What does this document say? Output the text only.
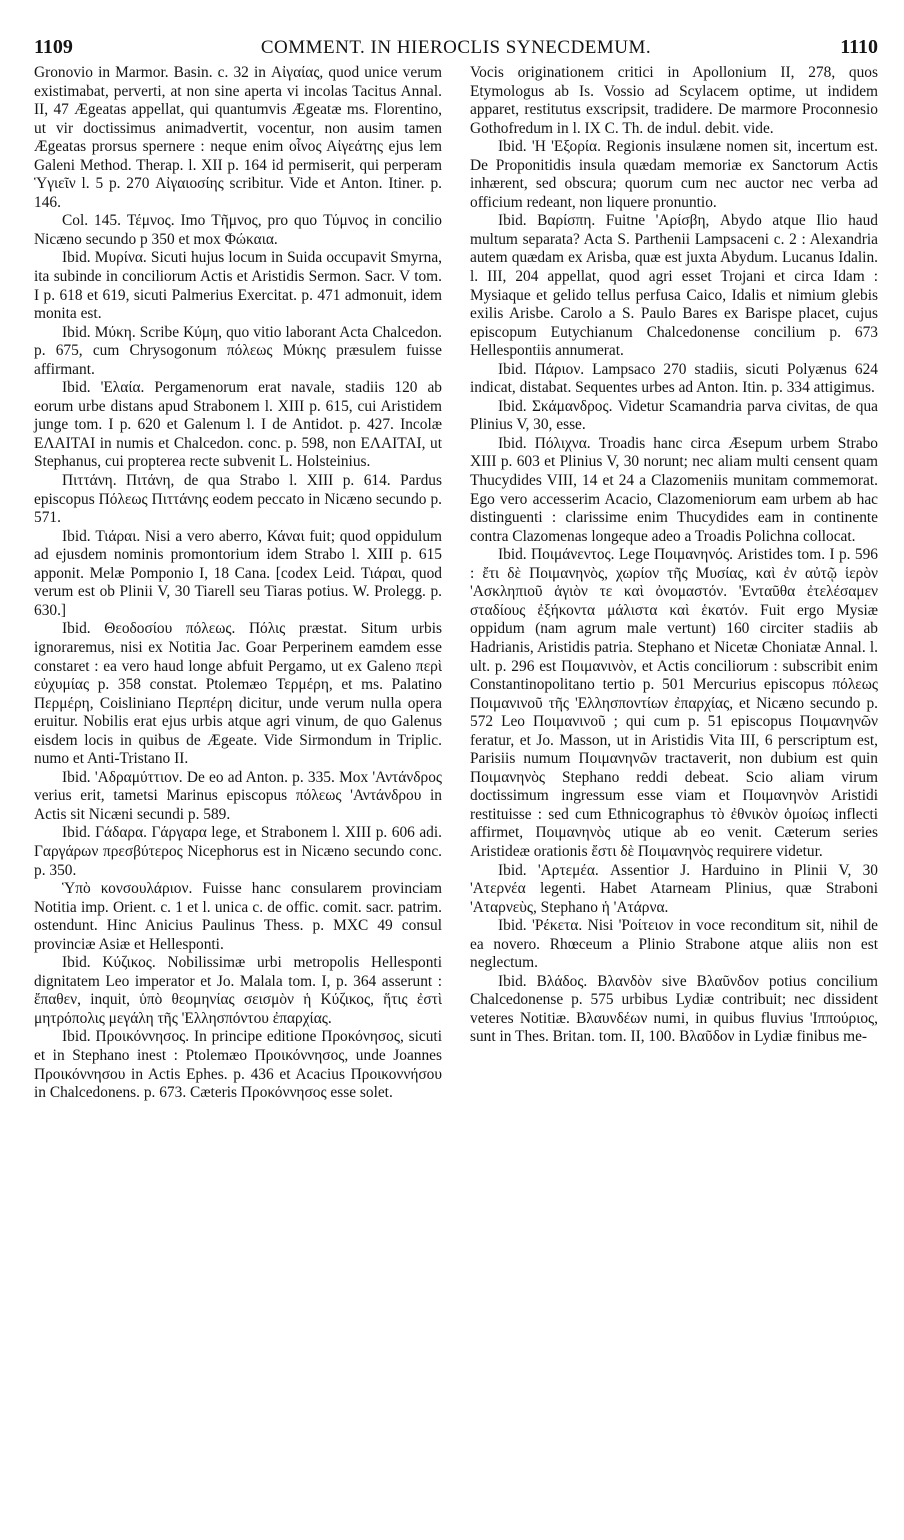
1109	COMMENT. IN HIEROCLIS SYNECDEMUM.	1110

Gronovio in Marmor. Basin. c. 32 in Αἰγαίας, quod unice verum existimabat, perverti, at non sine aperta vi incolas Tacitus Annal. II, 47 Ægeatas appellat, qui quantumvis Ægeatæ ms. Florentino, ut vir doctissimus animadvertit, vocentur, non ausim tamen Ægeatas prorsus spernere : neque enim οἶνος Αἰγεάτης ejus lem Galeni Method. Therap. l. XII p. 164 id permiserit, qui perperam Ὑγιεῖν l. 5 p. 270 Αἰγαιοσίης scribitur. Vide et Anton. Itiner. p. 146.

Col. 145. Τέμνος. Imo Τῆμνος, pro quo Τύμνος in concilio Nicæno secundo p 350 et mox Φώκαια.

Ibid. Μυρίνα. Sicuti hujus locum in Suida occupavit Smyrna, ita subinde in conciliorum Actis et Aristidis Sermon. Sacr. V tom. I p. 618 et 619, sicuti Palmerius Exercitat. p. 471 admonuit, idem monita est.

Ibid. Μύκη. Scribe Κύμη, quo vitio laborant Acta Chalcedon. p. 675, cum Chrysogonum πόλεως Μύκης præsulem fuisse affirmant.

Ibid. 'Ελαία. Pergamenorum erat navale, stadiis 120 ab eorum urbe distans apud Strabonem l. XIII p. 615, cui Aristidem junge tom. I p. 620 et Galenum l. I de Antidot. p. 427. Incolæ ΕΛΑΙΤΑΙ in numis et Chalcedon. conc. p. 598, non ΕΛΑΙΤΑΙ, ut Stephanus, cui propterea recte subvenit L. Holsteinius.

Πιττάνη. Πιτάνη, de qua Strabo l. XIII p. 614. Pardus episcopus Πόλεως Πιττάνης eodem peccato in Nicæno secundo p. 571.

Ibid. Τιάραι. Nisi a vero aberro, Κάναι fuit; quod oppidulum ad ejusdem nominis promontorium idem Strabo l. XIII p. 615 apponit. Melæ Pomponio I, 18 Cana. [codex Leid. Τιάραι, quod verum est ob Plinii V, 30 Tiarell seu Tiaras potius. W. Prolegg. p. 630.]

Ibid. Θεοδοσίου πόλεως. Πόλις præstat. Situm urbis ignoraremus, nisi ex Notitia Jac. Goar Perperinem eamdem esse constaret : ea vero haud longe abfuit Pergamo, ut ex Galeno περὶ εὐχυμίας p. 358 constat. Ptolemæo Τερμέρη, et ms. Palatino Περμέρη, Coisliniano Περπέρη dicitur, unde verum nulla opera eruitur. Nobilis erat ejus urbis atque agri vinum, de quo Galenus eisdem locis in quibus de Ægeate. Vide Sirmondum in Triplic. numo et Anti-Tristano II.

Ibid. 'Αδραμύττιον. De eo ad Anton. p. 335. Mox 'Αντάνδρος verius erit, tametsi Marinus episcopus πόλεως 'Αντάνδρου in Actis sit Nicæni secundi p. 589.

Ibid. Γάδαρα. Γάργαρα lege, et Strabonem l. XIII p. 606 adi. Γαργάρων πρεσβύτερος Nicephorus est in Nicæno secundo conc. p. 350.

Ὑπὸ κονσουλάριον. Fuisse hanc consularem provinciam Notitia imp. Orient. c. 1 et l. unica c. de offic. comit. sacr. patrim. ostendunt. Hinc Anicius Paulinus Thess. p. MXC 49 consul provinciæ Asiæ et Hellesponti.

Ibid. Κύζικος. Nobilissimæ urbi metropolis Hellesponti dignitatem Leo imperator et Jo. Malala tom. I, p. 364 asserunt : ἔπαθεν, inquit, ὑπὸ θεομηνίας σεισμὸν ἡ Κύζικος, ἥτις ἐστὶ μητρόπολις μεγάλη τῆς 'Ελλησπόντου ἐπαρχίας.

Ibid. Προικόννησος. In principe editione Προκόνησος, sicuti et in Stephano inest : Ptolemæo Προικόννησος, unde Joannes Προικόννησου in Actis Ephes. p. 436 et Acacius Προικοννήσου in Chalcedonens. p. 673. Cæteris Προκόννησος esse solet.

Vocis originationem critici in Apollonium II, 278, quos Etymologus ab Is. Vossio ad Scylacem optime, ut indidem apparet, restitutus exscripsit, tradidere. De marmore Proconnesio Gothofredum in l. IX C. Th. de indul. debit. vide.

Ibid. 'Η 'Εξορία. Regionis insulæne nomen sit, incertum est. De Proponitidis insula quædam memoriæ ex Sanctorum Actis inhærent, sed obscura; quorum cum nec auctor nec verba ad officium redeant, non liquere pronuntio.

Ibid. Βαρίσπη. Fuitne 'Αρίσβη, Abydo atque Ilio haud multum separata? Acta S. Parthenii Lampsaceni c. 2 : Alexandria autem quædam ex Arisba, quæ est juxta Abydum. Lucanus Idalin. l. III, 204 appellat, quod agri esset Trojani et circa Idam : Mysiaque et gelido tellus perfusa Caico, Idalis et nimium glebis exilis Arisbe. Carolo a S. Paulo Bares ex Barispe placet, cujus episcopum Eutychianum Chalcedonense concilium p. 673 Hellespontiis annumerat.

Ibid. Πάριον. Lampsaco 270 stadiis, sicuti Polyænus 624 indicat, distabat. Sequentes urbes ad Anton. Itin. p. 334 attigimus.

Ibid. Σκάμανδρος. Videtur Scamandria parva civitas, de qua Plinius V, 30, esse.

Ibid. Πόλιχνα. Troadis hanc circa Æsepum urbem Strabo XIII p. 603 et Plinius V, 30 norunt; nec aliam multi censent quam Thucydides VIII, 14 et 24 a Clazomeniis munitam commemorat. Ego vero accesserim Acacio, Clazomeniorum eam urbem ab hac distinguenti : clarissime enim Thucydides eam in continente contra Clazomenas longeque adeo a Troadis Polichna collocat.

Ibid. Ποιμάνεντος. Lege Ποιμανηνός. Aristides tom. I p. 596 : ἔτι δὲ Ποιμανηνὸς, χωρίον τῆς Μυσίας, καὶ ἐν αὐτῷ ἱερὸν 'Ασκληπιοῦ ἁγιὸν τε καὶ ὀνομαστόν. 'Ενταῦθα ἐτελέσαμεν σταδίους ἐξήκοντα μάλιστα καὶ ἑκατόν. Fuit ergo Mysiæ oppidum (nam agrum male vertunt) 160 circiter stadiis ab Hadrianis, Aristidis patria. Stephano et Nicetæ Choniatæ Annal. l. ult. p. 296 est Ποιμανινὸν, et Actis conciliorum : subscribit enim Constantinopolitano tertio p. 501 Mercurius episcopus πόλεως Ποιμανινοῦ τῆς 'Ελλησποντίων ἐπαρχίας, et Nicæno secundo p. 572 Leo Ποιμανινοῦ ; qui cum p. 51 episcopus Ποιμανηνῶν feratur, et Jo. Masson, ut in Aristidis Vita III, 6 perscriptum est, Parisiis numum Ποιμανηνῶν tractaverit, non dubium est quin Ποιμανηνὸς Stephano reddi debeat. Scio aliam virum doctissimum ingressum esse viam et Ποιμανηνὸν Aristidi restituisse : sed cum Ethnicographus τὸ ἐθνικὸν ὁμοίως inflecti affirmet, Ποιμανηνὸς utique ab eo venit. Cæterum series Aristideæ orationis ἔστι δὲ Ποιμανηνὸς requirere videtur.

Ibid. 'Αρτεμέα. Assentior J. Harduino in Plinii V, 30 'Ατερνέα legenti. Habet Atarneam Plinius, quæ Straboni 'Αταρνεὺς, Stephano ἡ 'Ατάρνα.

Ibid. 'Ρέκετα. Nisi 'Ροίτειον in voce reconditum sit, nihil de ea novero. Rhœceum a Plinio Strabone atque aliis non est neglectum.

Ibid. Βλάδος. Βλανδὸν sive Βλαῦνδον potius concilium Chalcedonense p. 575 urbibus Lydiæ contribuit; nec dissident veteres Notitiæ. Βλαυνδέων numi, in quibus fluvius 'Ιππούριος, sunt in Thes. Britan. tom. II, 100. Βλαῦδον in Lydiæ finibus me-
